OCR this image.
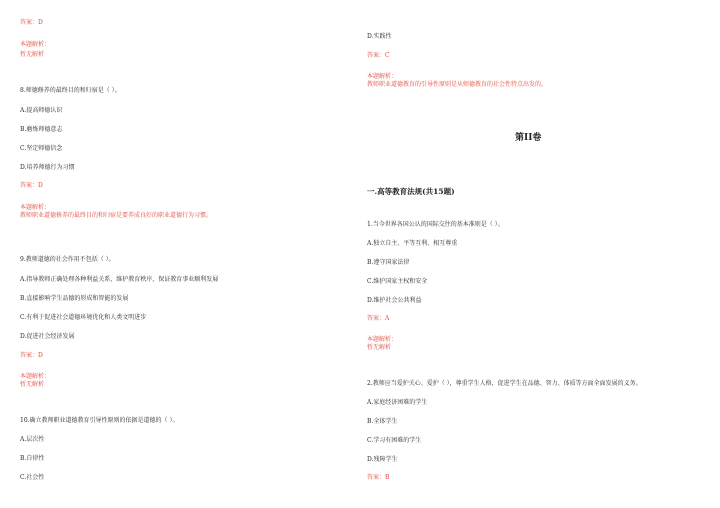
答案：D
本题解析：
暂无解析
8.师德修养的最终目的和归宿是（ ）。
A.提高师德认识
B.磨炼师德意志
C.坚定师德信念
D.培养师德行为习惯
答案：D
本题解析：
教师职业道德修养的最终目的和归宿是要养成良好的职业道德行为习惯。
9.教师道德的社会作用不包括（ ）。
A.指导教师正确处理各种利益关系，维护教育秩序，保证教育事业顺利发展
B.直接影响学生品德的形成和智能的发展
C.有利于促进社会道德环境优化和人类文明进步
D.促进社会经济发展
答案：D
本题解析：
暂无解析
10.确立教师职业道德教育引导性原则的依据是道德的（ ）。
A.层次性
B.自律性
C.社会性
D.实践性
答案：C
本题解析：
教师职业道德教育的引导性原则是从师德教育的社会性特点出发的。
第II卷
一.高等教育法规(共15题)
1.当今世界各国公认的国际交往的基本准则是（ ）。
A.独立自主、平等互利、相互尊重
B.遵守国家法律
C.维护国家主权和安全
D.维护社会公共利益
答案：A
本题解析：
暂无解析
2.教师应当爱护关心、爱护（ ），尊重学生人格，促进学生在品德、智力、体质等方面全面发展的义务。
A.家庭经济困难的学生
B.全体学生
C.学习有困难的学生
D.残障学生
答案：B
